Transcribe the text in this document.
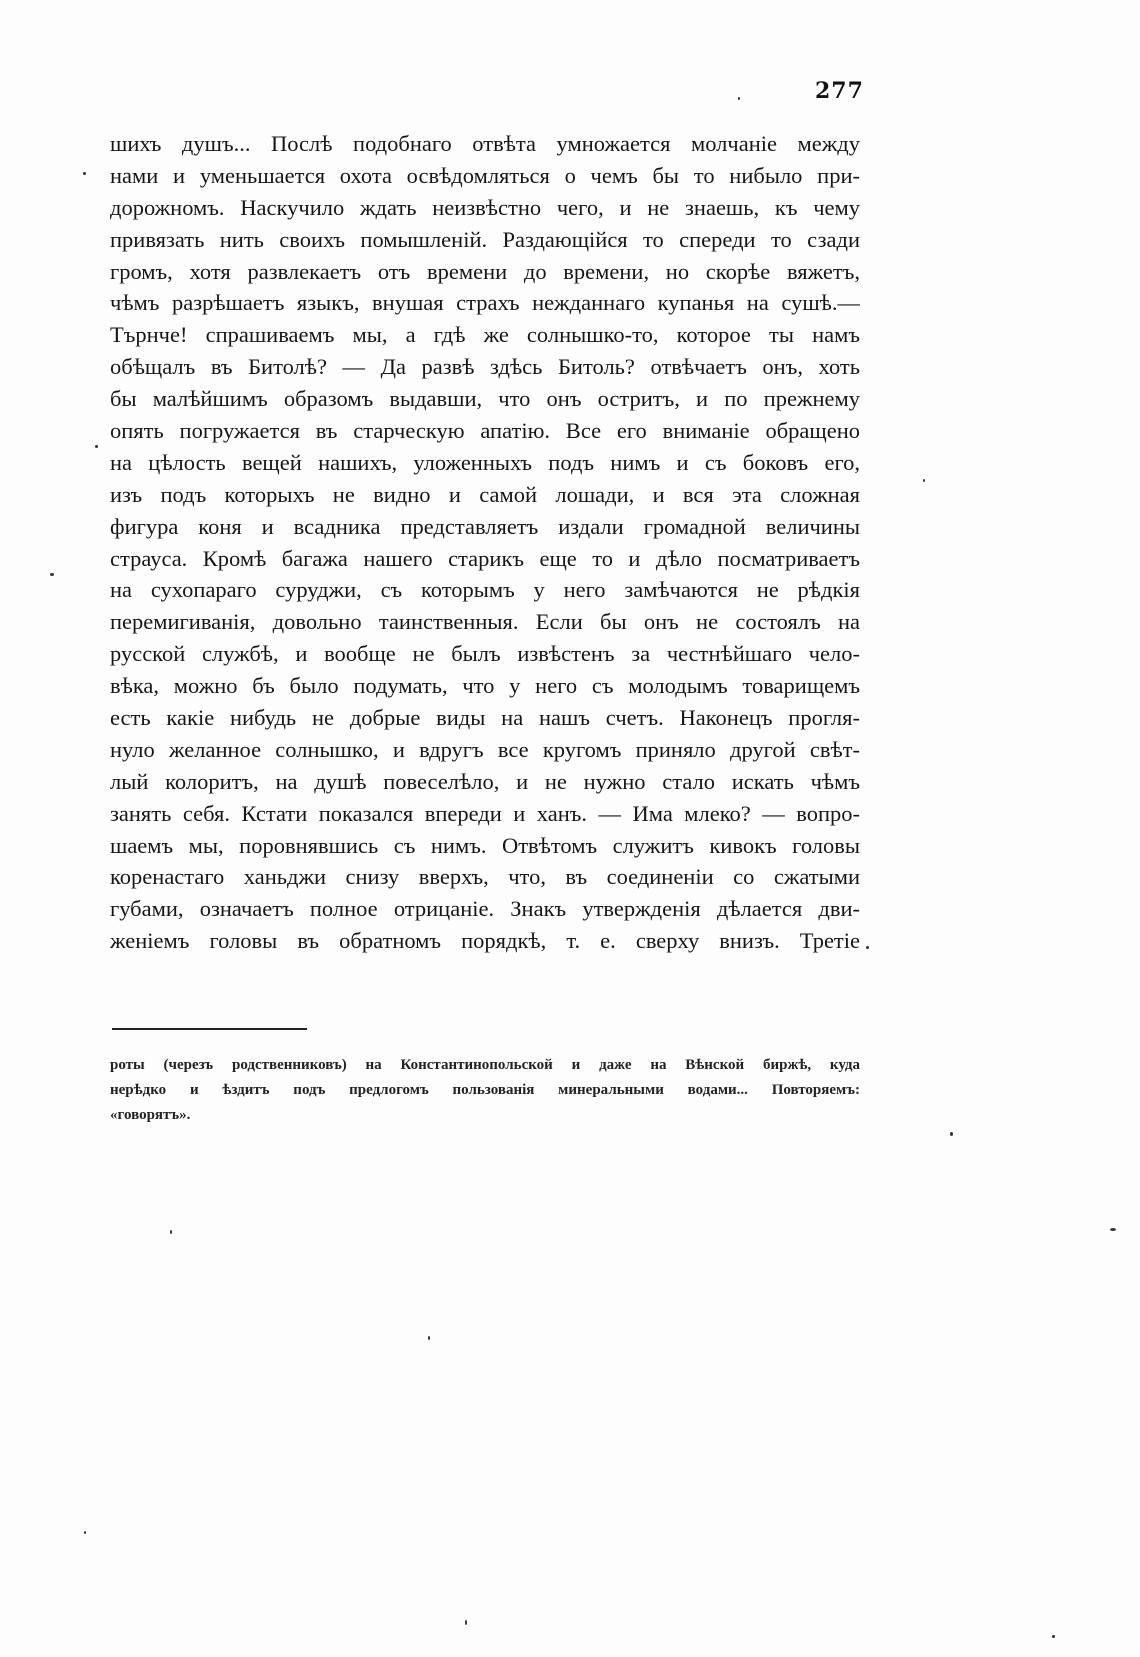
277
шихъ душъ... Послѣ подобнаго отвѣта умножается молчанiе между
нами и уменьшается охота освѣдомляться о чемъ бы то нибыло при-
дорожномъ. Наскучило ждать неизвѣстно чего, и не знаешь, къ чему
привязать нить своихъ помышленiй. Раздающiйся то спереди то сзади
громъ, хотя развлекаетъ отъ времени до времени, но скорѣе вяжетъ,
чѣмъ разрѣшаетъ языкъ, внушая страхъ нежданнаго купанья на сушѣ.—
Търнче! спрашиваемъ мы, а гдѣ же солнышко-то, которое ты намъ
обѣщалъ въ Битолѣ? — Да развѣ здѣсь Битоль? отвѣчаетъ онъ, хоть
бы малѣйшимъ образомъ выдавши, что онъ остритъ, и по прежнему
опять погружается въ старческую апатiю. Все его вниманiе обращено
на цѣлость вещей нашихъ, уложенныхъ подъ нимъ и съ боковъ его,
изъ подъ которыхъ не видно и самой лошади, и вся эта сложная
фигура коня и всадника представляетъ издали громадной величины
страуса. Кромѣ багажа нашего старикъ еще то и дѣло посматриваетъ
на сухопараго суруджи, съ которымъ у него замѣчаются не рѣдкiя
перемигиванiя, довольно таинственныя. Если бы онъ не состоялъ на
русской службѣ, и вообще не былъ извѣстенъ за честнѣйшаго чело-
вѣка, можно бъ было подумать, что у него съ молодымъ товарищемъ
есть какiе нибудь не добрые виды на нашъ счетъ. Наконецъ прогля-
нуло желанное солнышко, и вдругъ все кругомъ приняло другой свѣт-
лый колоритъ, на душѣ повеселѣло, и не нужно стало искать чѣмъ
занять себя. Кстати показался впереди и ханъ. — Има млеко? — вопро-
шаемъ мы, поровнявшись съ нимъ. Отвѣтомъ служитъ кивокъ головы
коренастаго ханьджи снизу вверхъ, что, въ соединенiи со сжатыми
губами, означаетъ полное отрицанiе. Знакъ утвержденiя дѣлается дви-
женiемъ головы въ обратномъ порядкѣ, т. е. сверху внизъ. Третiе
роты (черезъ родственниковъ) на Константинопольской и даже на Вѣнской биржѣ, куда
нерѣдко и ѣздитъ подъ предлогомъ пользованiя минеральными водами... Повторяемъ:
«говорятъ».
